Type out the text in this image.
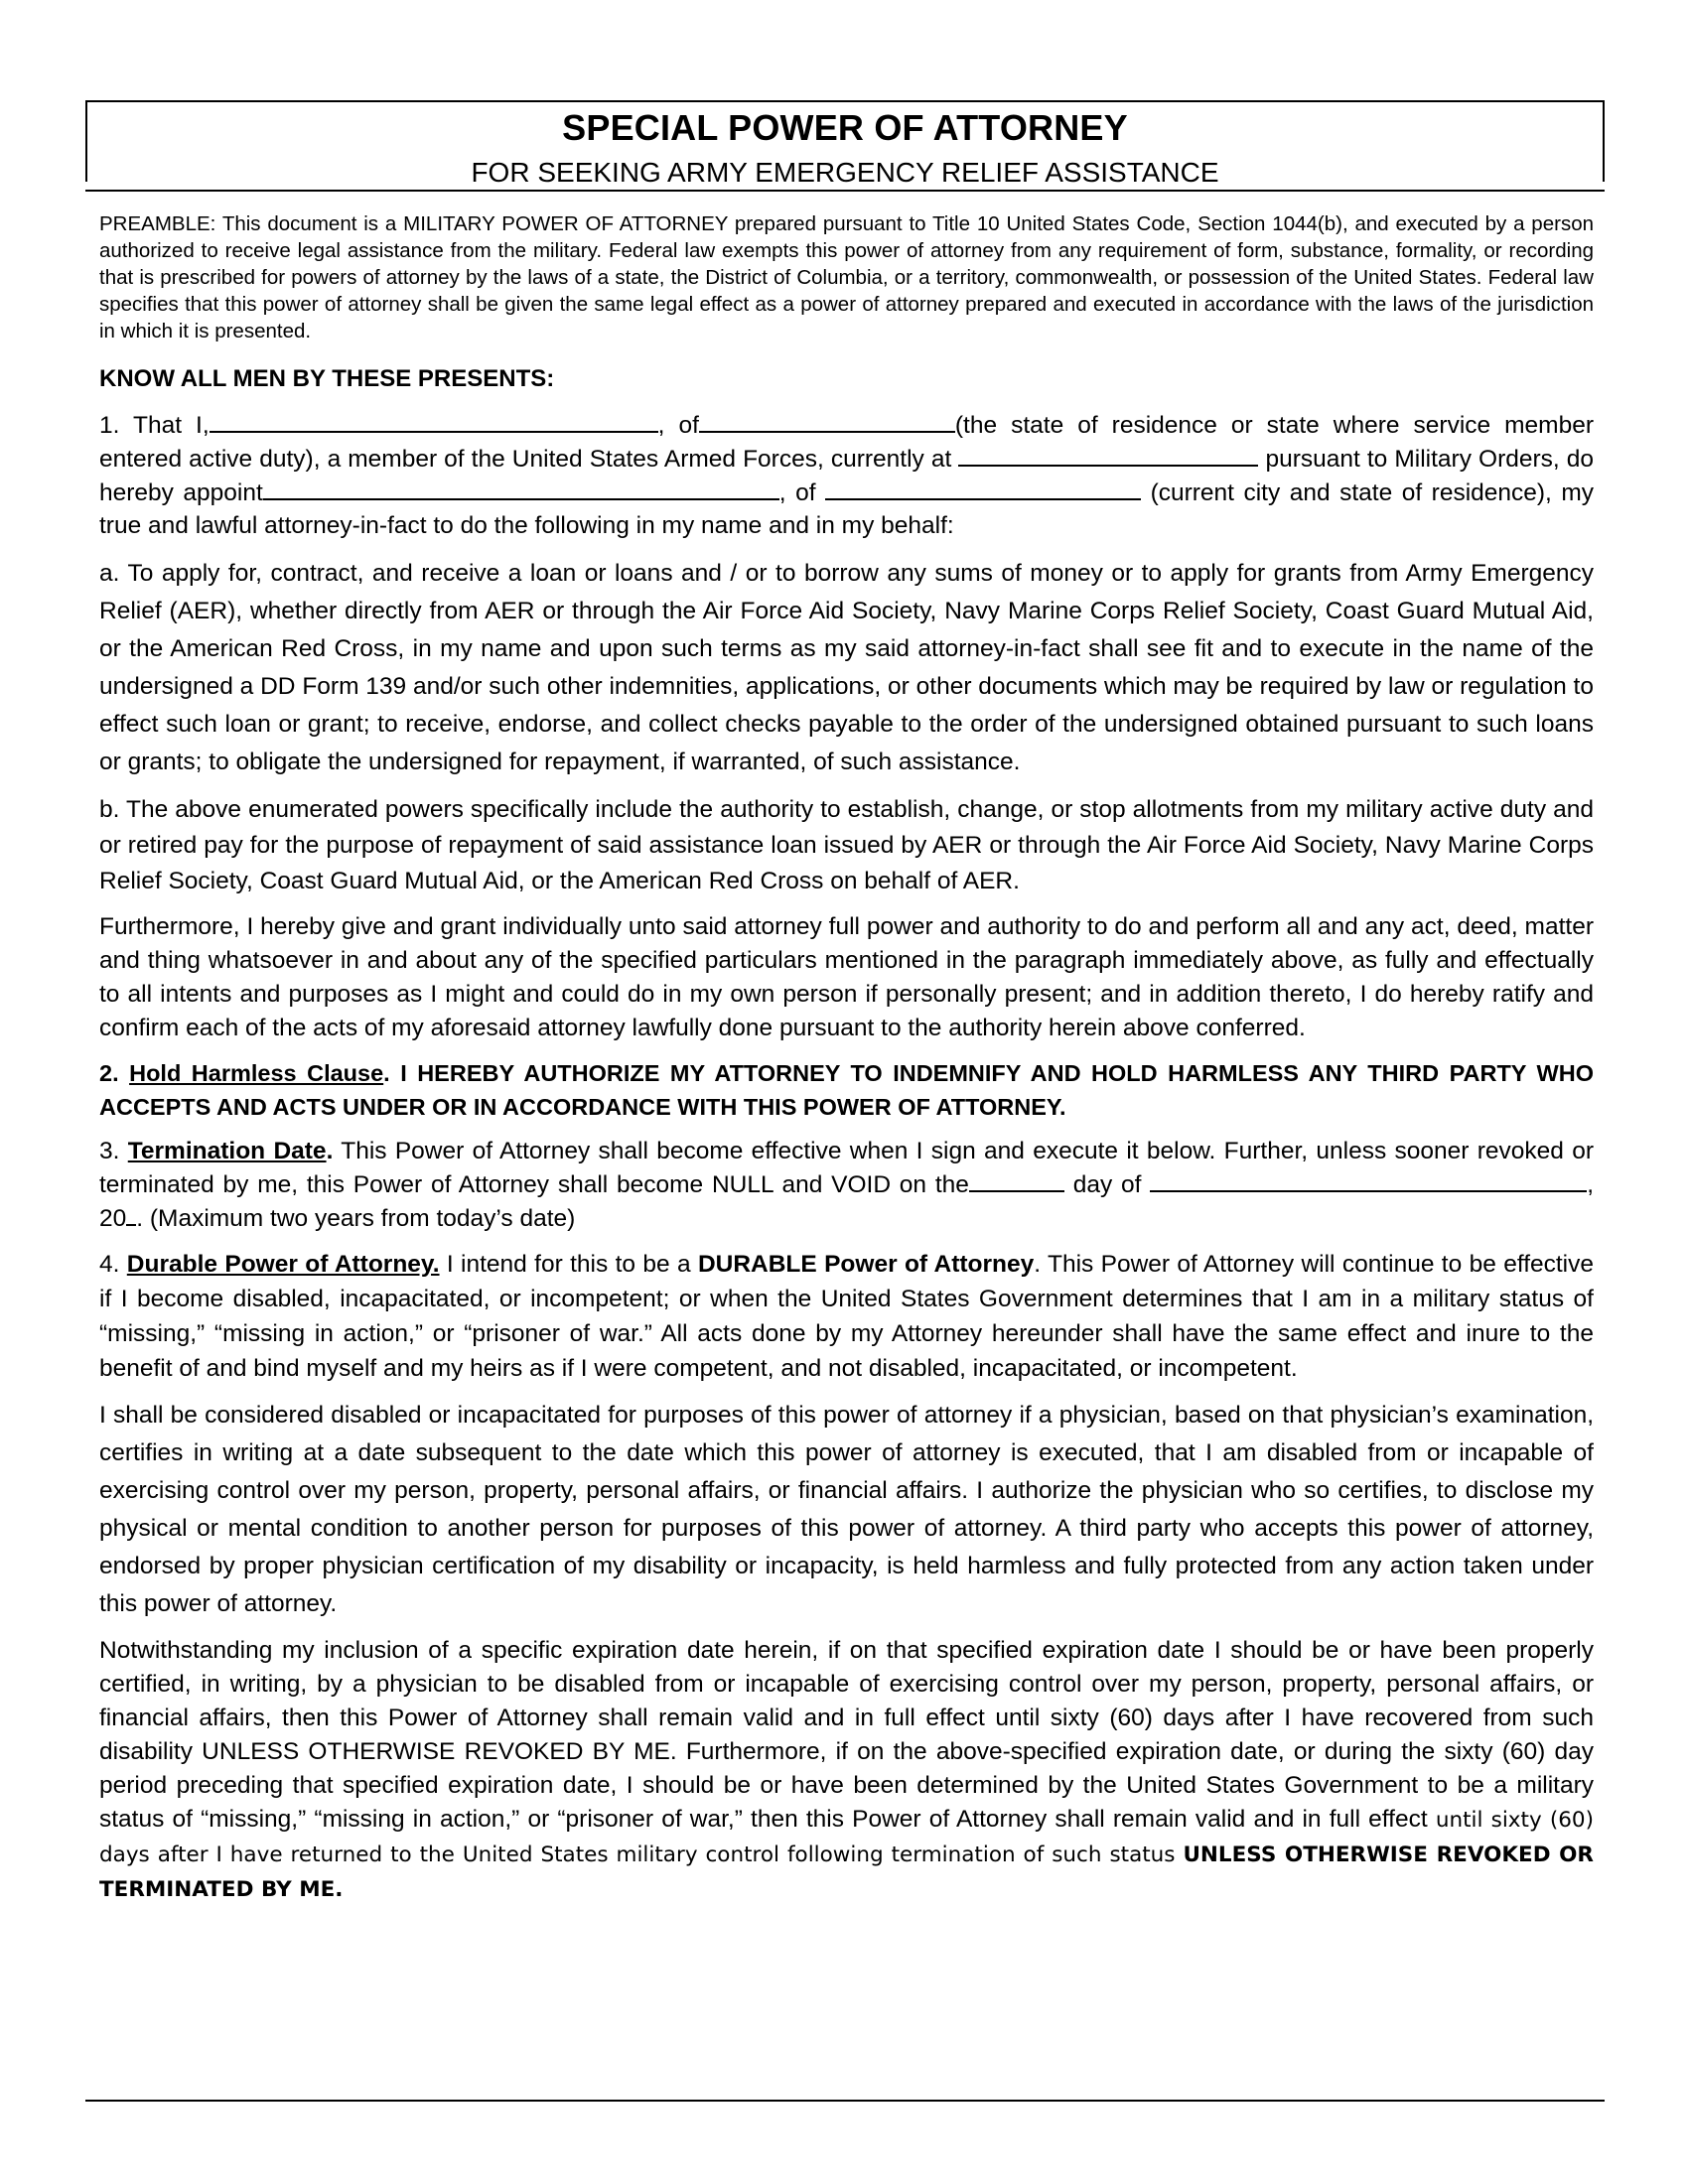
SPECIAL POWER OF ATTORNEY
FOR SEEKING ARMY EMERGENCY RELIEF ASSISTANCE

PREAMBLE: This document is a MILITARY POWER OF ATTORNEY prepared pursuant to Title 10 United States Code, Section 1044(b), and executed by a person authorized to receive legal assistance from the military. Federal law exempts this power of attorney from any requirement of form, substance, formality, or recording that is prescribed for powers of attorney by the laws of a state, the District of Columbia, or a territory, commonwealth, or possession of the United States. Federal law specifies that this power of attorney shall be given the same legal effect as a power of attorney prepared and executed in accordance with the laws of the jurisdiction in which it is presented.

KNOW ALL MEN BY THESE PRESENTS:

1. That I,	, of	(the state of residence or state where service member entered active duty), a member of the United States Armed Forces, currently at	pursuant to Military Orders, do hereby appoint	, of	(current city and state of residence), my true and lawful attorney-in-fact to do the following in my name and in my behalf:

a. To apply for, contract, and receive a loan or loans and / or to borrow any sums of money or to apply for grants from Army Emergency Relief (AER), whether directly from AER or through the Air Force Aid Society, Navy Marine Corps Relief Society, Coast Guard Mutual Aid, or the American Red Cross, in my name and upon such terms as my said attorney-in-fact shall see fit and to execute in the name of the undersigned a DD Form 139 and/or such other indemnities, applications, or other documents which may be required by law or regulation to effect such loan or grant; to receive, endorse, and collect checks payable to the order of the undersigned obtained pursuant to such loans or grants; to obligate the undersigned for repayment, if warranted, of such assistance.

b. The above enumerated powers specifically include the authority to establish, change, or stop allotments from my military active duty and or retired pay for the purpose of repayment of said assistance loan issued by AER or through the Air Force Aid Society, Navy Marine Corps Relief Society, Coast Guard Mutual Aid, or the American Red Cross on behalf of AER.

Furthermore, I hereby give and grant individually unto said attorney full power and authority to do and perform all and any act, deed, matter and thing whatsoever in and about any of the specified particulars mentioned in the paragraph immediately above, as fully and effectually to all intents and purposes as I might and could do in my own person if personally present; and in addition thereto, I do hereby ratify and confirm each of the acts of my aforesaid attorney lawfully done pursuant to the authority herein above conferred.

2. Hold Harmless Clause. I HEREBY AUTHORIZE MY ATTORNEY TO INDEMNIFY AND HOLD HARMLESS ANY THIRD PARTY WHO ACCEPTS AND ACTS UNDER OR IN ACCORDANCE WITH THIS POWER OF ATTORNEY.

3. Termination Date. This Power of Attorney shall become effective when I sign and execute it below. Further, unless sooner revoked or terminated by me, this Power of Attorney shall become NULL and VOID on the	day of	, 20 . (Maximum two years from today’s date)

4. Durable Power of Attorney. I intend for this to be a DURABLE Power of Attorney. This Power of Attorney will continue to be effective if I become disabled, incapacitated, or incompetent; or when the United States Government determines that I am in a military status of “missing,” “missing in action,” or “prisoner of war.” All acts done by my Attorney hereunder shall have the same effect and inure to the benefit of and bind myself and my heirs as if I were competent, and not disabled, incapacitated, or incompetent.

I shall be considered disabled or incapacitated for purposes of this power of attorney if a physician, based on that physician’s examination, certifies in writing at a date subsequent to the date which this power of attorney is executed, that I am disabled from or incapable of exercising control over my person, property, personal affairs, or financial affairs. I authorize the physician who so certifies, to disclose my physical or mental condition to another person for purposes of this power of attorney. A third party who accepts this power of attorney, endorsed by proper physician certification of my disability or incapacity, is held harmless and fully protected from any action taken under this power of attorney.

Notwithstanding my inclusion of a specific expiration date herein, if on that specified expiration date I should be or have been properly certified, in writing, by a physician to be disabled from or incapable of exercising control over my person, property, personal affairs, or financial affairs, then this Power of Attorney shall remain valid and in full effect until sixty (60) days after I have recovered from such disability UNLESS OTHERWISE REVOKED BY ME. Furthermore, if on the above-specified expiration date, or during the sixty (60) day period preceding that specified expiration date, I should be or have been determined by the United States Government to be a military status of “missing,” “missing in action,” or “prisoner of war,” then this Power of Attorney shall remain valid and in full effect until sixty (60) days after I have returned to the United States military control following termination of such status UNLESS OTHERWISE REVOKED OR TERMINATED BY ME.
